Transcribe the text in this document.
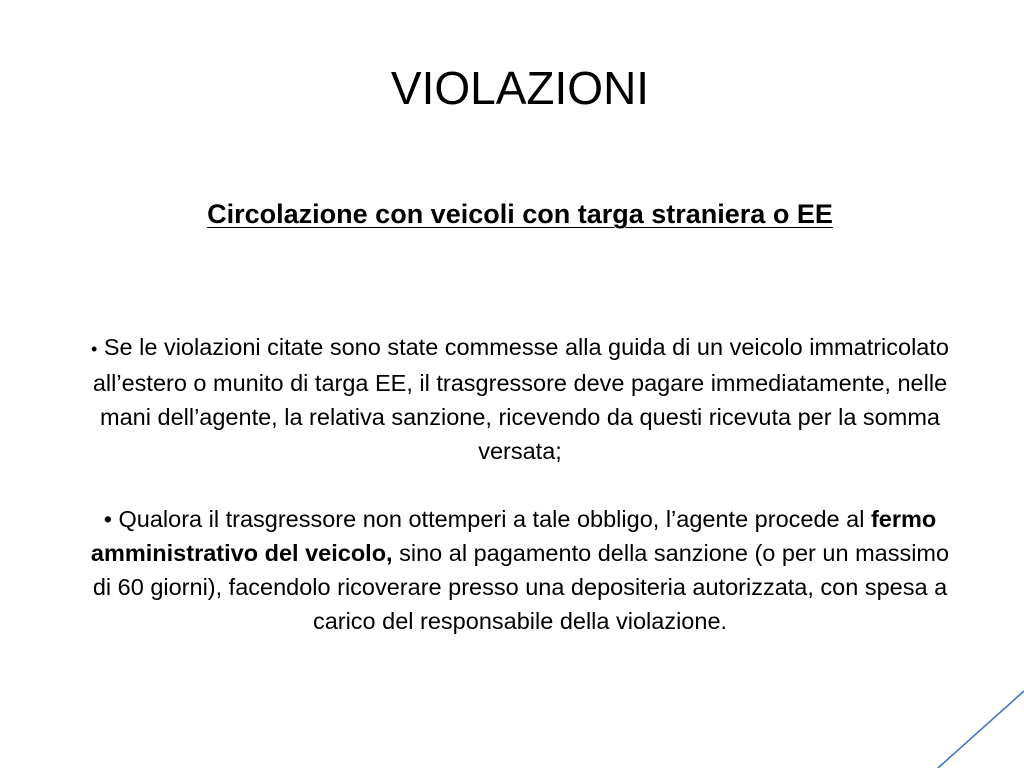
VIOLAZIONI
Circolazione con veicoli con targa straniera o EE

• Se le violazioni citate sono state commesse alla guida di un veicolo immatricolato all’estero o munito di targa EE, il trasgressore deve pagare immediatamente, nelle mani dell’agente, la relativa sanzione, ricevendo da questi ricevuta per la somma versata;

• Qualora il trasgressore non ottemperi a tale obbligo, l’agente procede al fermo amministrativo del veicolo, sino al pagamento della sanzione (o per un massimo di 60 giorni), facendolo ricoverare presso una depositeria autorizzata, con spesa a carico del responsabile della violazione.
